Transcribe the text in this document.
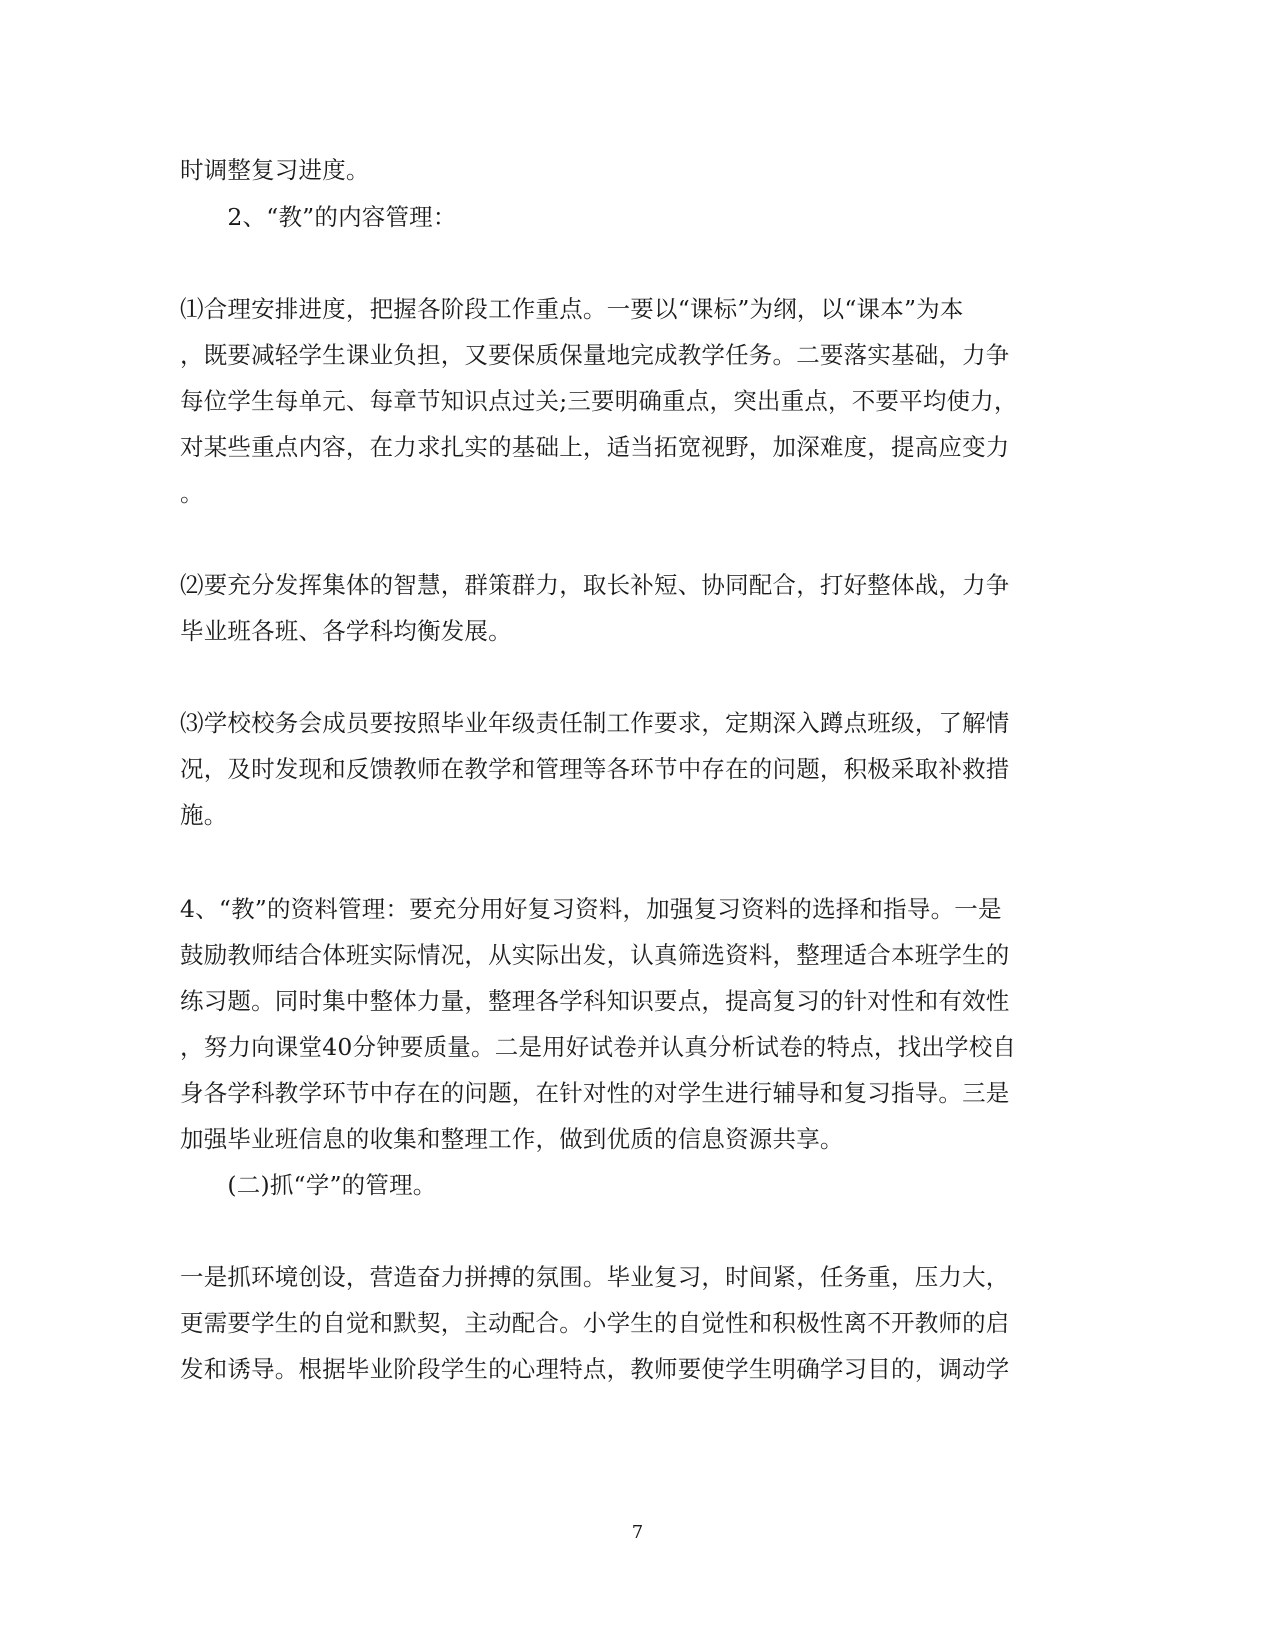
时调整复习进度。
　　2、“教”的内容管理：
⑴合理安排进度，把握各阶段工作重点。一要以“课标”为纲，以“课本”为本
，既要减轻学生课业负担，又要保质保量地完成教学任务。二要落实基础，力争
每位学生每单元、每章节知识点过关;三要明确重点，突出重点，不要平均使力，
对某些重点内容，在力求扎实的基础上，适当拓宽视野，加深难度，提高应变力
。
⑵要充分发挥集体的智慧，群策群力，取长补短、协同配合，打好整体战，力争
毕业班各班、各学科均衡发展。
⑶学校校务会成员要按照毕业年级责任制工作要求，定期深入蹲点班级，了解情
况，及时发现和反馈教师在教学和管理等各环节中存在的问题，积极采取补救措
施。
4、“教”的资料管理：要充分用好复习资料，加强复习资料的选择和指导。一是
鼓励教师结合体班实际情况，从实际出发，认真筛选资料，整理适合本班学生的
练习题。同时集中整体力量，整理各学科知识要点，提高复习的针对性和有效性
，努力向课堂40分钟要质量。二是用好试卷并认真分析试卷的特点，找出学校自
身各学科教学环节中存在的问题，在针对性的对学生进行辅导和复习指导。三是
加强毕业班信息的收集和整理工作，做到优质的信息资源共享。
　　(二)抓“学”的管理。
一是抓环境创设，营造奋力拼搏的氛围。毕业复习，时间紧，任务重，压力大，
更需要学生的自觉和默契，主动配合。小学生的自觉性和积极性离不开教师的启
发和诱导。根据毕业阶段学生的心理特点，教师要使学生明确学习目的，调动学
7
